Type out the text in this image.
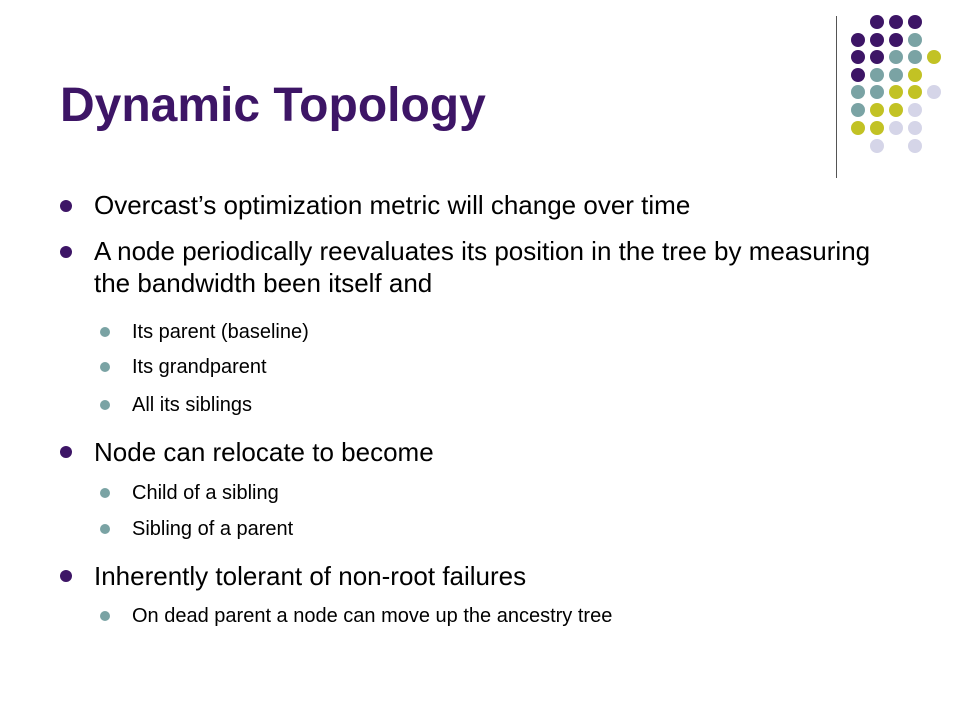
Dynamic Topology
Overcast’s optimization metric will change over time
A node periodically reevaluates its position in the tree by measuring the bandwidth been itself and
Its parent (baseline)
Its grandparent
All its siblings
Node can relocate to become
Child of a sibling
Sibling of a parent
Inherently tolerant of non-root failures
On dead parent a node can move up the ancestry tree
